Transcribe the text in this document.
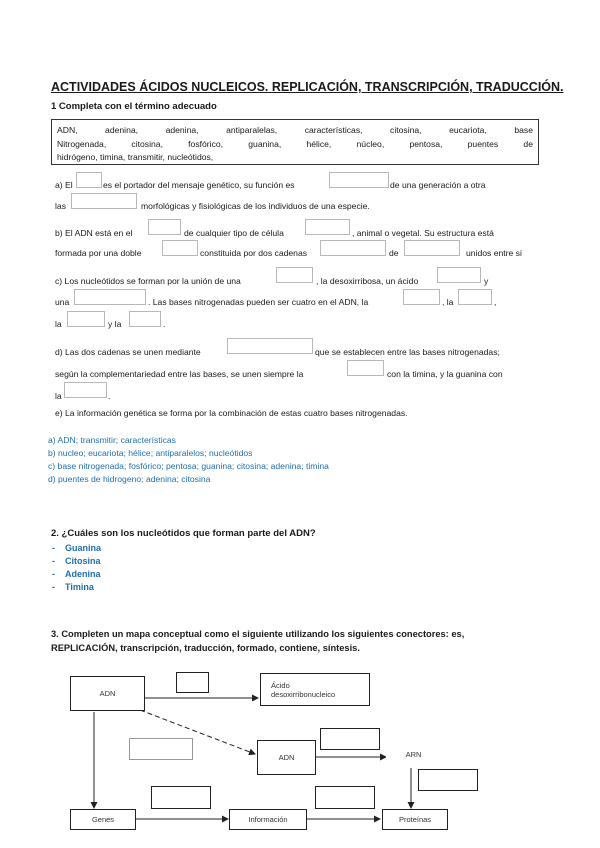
ACTIVIDADES ÁCIDOS NUCLEICOS. REPLICACIÓN, TRANSCRIPCIÓN, TRADUCCIÓN.
1 Completa con el término adecuado
ADN, adenina, adenina, antiparalelas, características, citosina, eucariota, base
Nitrogenada, citosina, fosfórico, guanina, hélice, núcleo, pentosa, puentes de
hidrógeno, timina, transmitir, nucleótidos,
a) El	es el portador del mensaje genético, su función es	de una generación a otra
las	morfológicas y fisiológicas de los individuos de una especie.
b) El ADN está en el	de cualquier tipo de célula	, animal o vegetal. Su estructura está
formada por una doble	constituida por dos cadenas	de	unidos entre si
c) Los nucleótidos se forman por la unión de una	, la desoxirribosa, un ácido	y
una	. Las bases nitrogenadas pueden ser cuatro en el ADN, la	, la	,
la	y la	.
d) Las dos cadenas se unen mediante	que se establecen entre las bases nitrogenadas;
según la complementariedad entre las bases, se unen siempre la	con la timina, y la guanina con
la	.
e) La información genética se forma por la combinación de estas cuatro bases nitrogenadas.
a) ADN; transmitir; características
b) nucleo; eucariota; hélice; antiparalelos; nucleótidos
c) base nitrogenada; fosfórico; pentosa; guanina; citosina; adenina; timina
d) puentes de hidrogeno; adenina; citosina
2. ¿Cuáles son los nucleótidos que forman parte del ADN?
-    Guanina
-    Citosina
-    Adenina
-    Timina
3. Completen un mapa conceptual como el siguiente utilizando los siguientes conectores: es,
REPLICACIÓN, transcripción, traducción, formado, contiene, síntesis.
ADN
Ácido
desoxirribonucleico
ADN	ARN
Genes	Información	Proteínas
